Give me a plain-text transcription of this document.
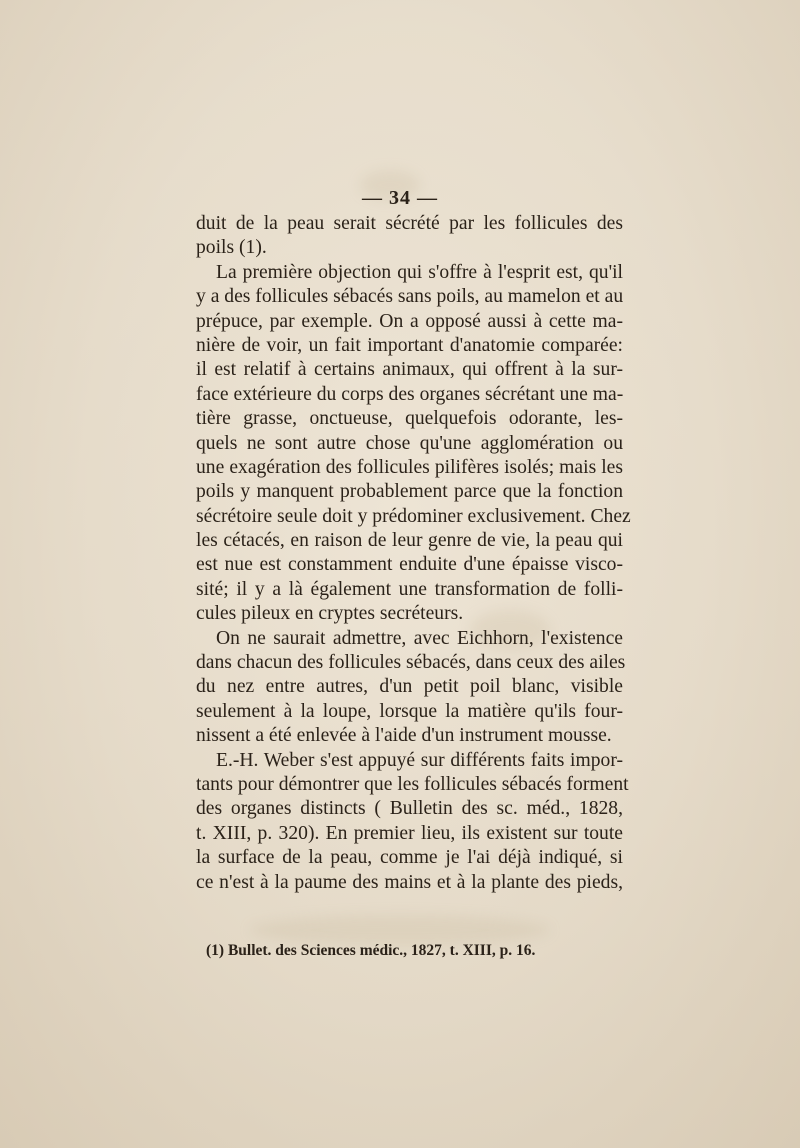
— 34 —
duit de la peau serait sécrété par les follicules des
poils (1).
La première objection qui s'offre à l'esprit est, qu'il
y a des follicules sébacés sans poils, au mamelon et au
prépuce, par exemple. On a opposé aussi à cette ma-
nière de voir, un fait important d'anatomie comparée:
il est relatif à certains animaux, qui offrent à la sur-
face extérieure du corps des organes sécrétant une ma-
tière grasse, onctueuse, quelquefois odorante, les-
quels ne sont autre chose qu'une agglomération ou
une exagération des follicules pilifères isolés; mais les
poils y manquent probablement parce que la fonction
sécrétoire seule doit y prédominer exclusivement. Chez
les cétacés, en raison de leur genre de vie, la peau qui
est nue est constamment enduite d'une épaisse visco-
sité; il y a là également une transformation de folli-
cules pileux en cryptes secréteurs.
On ne saurait admettre, avec Eichhorn, l'existence
dans chacun des follicules sébacés, dans ceux des ailes
du nez entre autres, d'un petit poil blanc, visible
seulement à la loupe, lorsque la matière qu'ils four-
nissent a été enlevée à l'aide d'un instrument mousse.
E.-H. Weber s'est appuyé sur différents faits impor-
tants pour démontrer que les follicules sébacés forment
des organes distincts ( Bulletin des sc. méd., 1828,
t. XIII, p. 320). En premier lieu, ils existent sur toute
la surface de la peau, comme je l'ai déjà indiqué, si
ce n'est à la paume des mains et à la plante des pieds,
(1) Bullet. des Sciences médic., 1827, t. XIII, p. 16.
